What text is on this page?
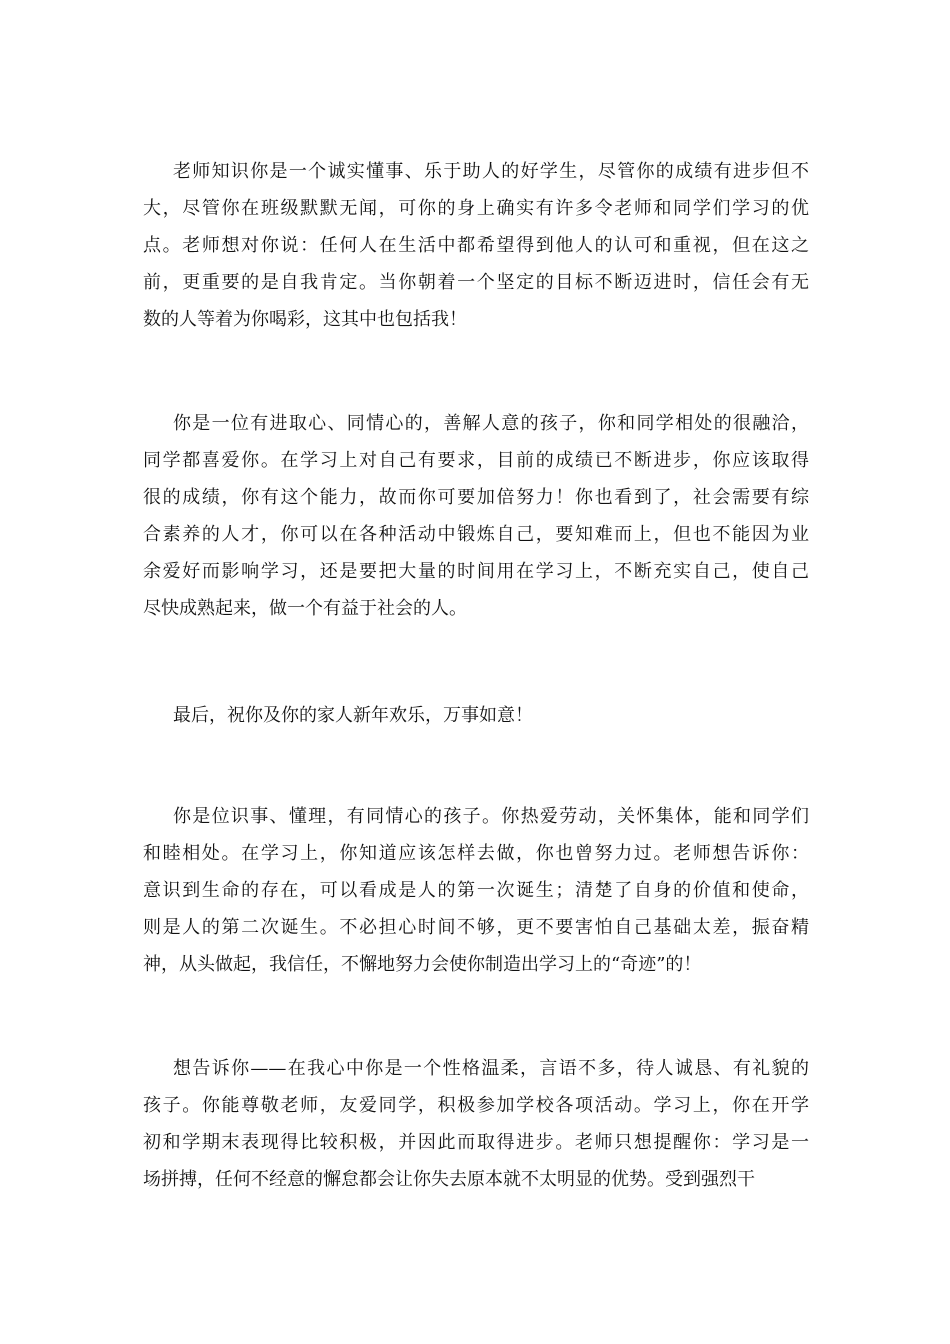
老师知识你是一个诚实懂事、乐于助人的好学生，尽管你的成绩有进步但不
大，尽管你在班级默默无闻，可你的身上确实有许多令老师和同学们学习的优
点。老师想对你说：任何人在生活中都希望得到他人的认可和重视，但在这之
前，更重要的是自我肯定。当你朝着一个坚定的目标不断迈进时，信任会有无
数的人等着为你喝彩，这其中也包括我！

你是一位有进取心、同情心的，善解人意的孩子，你和同学相处的很融洽，
同学都喜爱你。在学习上对自己有要求，目前的成绩已不断进步，你应该取得
很的成绩，你有这个能力，故而你可要加倍努力！你也看到了，社会需要有综
合素养的人才，你可以在各种活动中锻炼自己，要知难而上，但也不能因为业
余爱好而影响学习，还是要把大量的时间用在学习上，不断充实自己，使自己
尽快成熟起来，做一个有益于社会的人。

最后，祝你及你的家人新年欢乐，万事如意！

你是位识事、懂理，有同情心的孩子。你热爱劳动，关怀集体，能和同学们
和睦相处。在学习上，你知道应该怎样去做，你也曾努力过。老师想告诉你：
意识到生命的存在，可以看成是人的第一次诞生；清楚了自身的价值和使命，
则是人的第二次诞生。不必担心时间不够，更不要害怕自己基础太差，振奋精
神，从头做起，我信任，不懈地努力会使你制造出学习上的“奇迹”的！

想告诉你——在我心中你是一个性格温柔，言语不多，待人诚恳、有礼貌的
孩子。你能尊敬老师，友爱同学，积极参加学校各项活动。学习上，你在开学
初和学期末表现得比较积极，并因此而取得进步。老师只想提醒你：学习是一
场拼搏，任何不经意的懈怠都会让你失去原本就不太明显的优势。受到强烈干
